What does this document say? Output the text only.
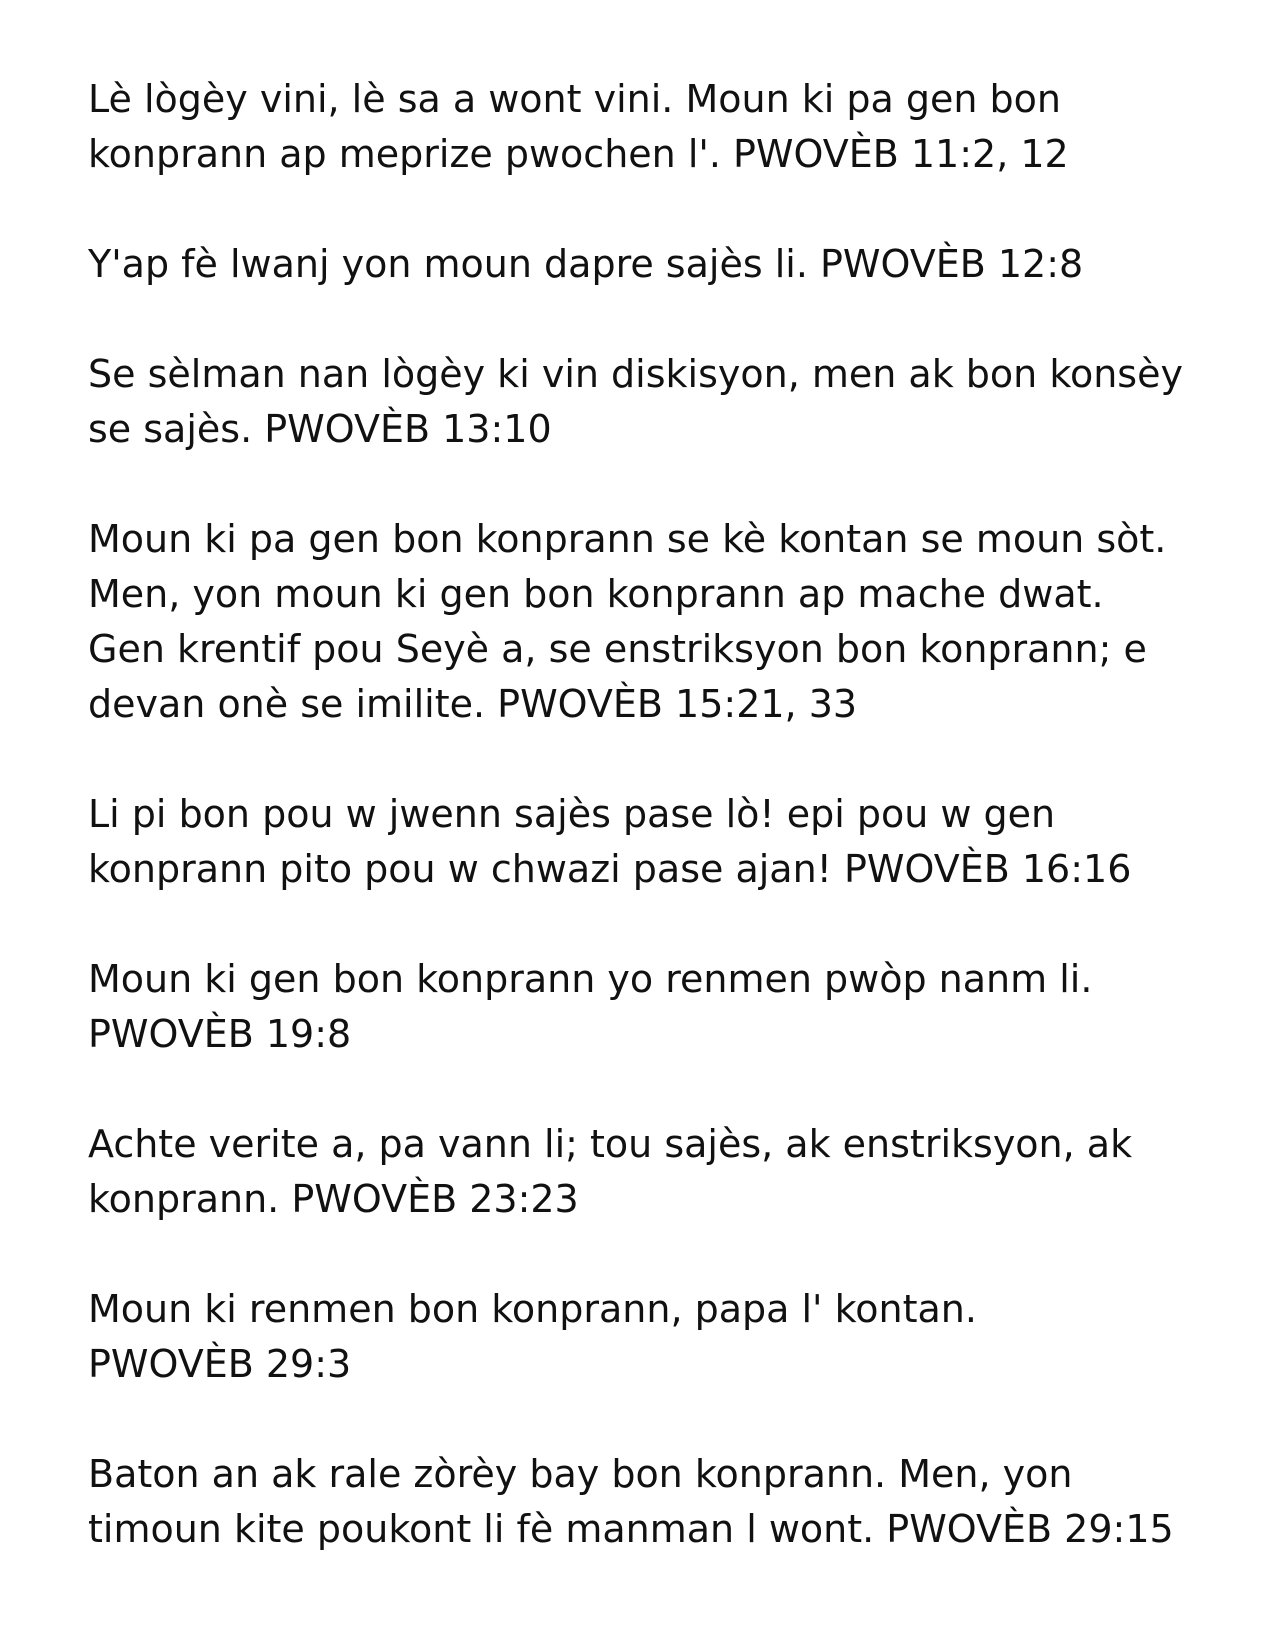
Lè lògèy vini, lè sa a wont vini. Moun ki pa gen bon
konprann ap meprize pwochen l'. PWOVÈB 11:2, 12

Y'ap fè lwanj yon moun dapre sajès li. PWOVÈB 12:8

Se sèlman nan lògèy ki vin diskisyon, men ak bon konsèy
se sajès. PWOVÈB 13:10

Moun ki pa gen bon konprann se kè kontan se moun sòt.
Men, yon moun ki gen bon konprann ap mache dwat.
Gen krentif pou Seyè a, se enstriksyon bon konprann; e
devan onè se imilite. PWOVÈB 15:21, 33

Li pi bon pou w jwenn sajès pase lò! epi pou w gen
konprann pito pou w chwazi pase ajan! PWOVÈB 16:16

Moun ki gen bon konprann yo renmen pwòp nanm li.
PWOVÈB 19:8

Achte verite a, pa vann li; tou sajès, ak enstriksyon, ak
konprann. PWOVÈB 23:23

Moun ki renmen bon konprann, papa l' kontan.
PWOVÈB 29:3

Baton an ak rale zòrèy bay bon konprann. Men, yon
timoun kite poukont li fè manman l wont. PWOVÈB 29:15
